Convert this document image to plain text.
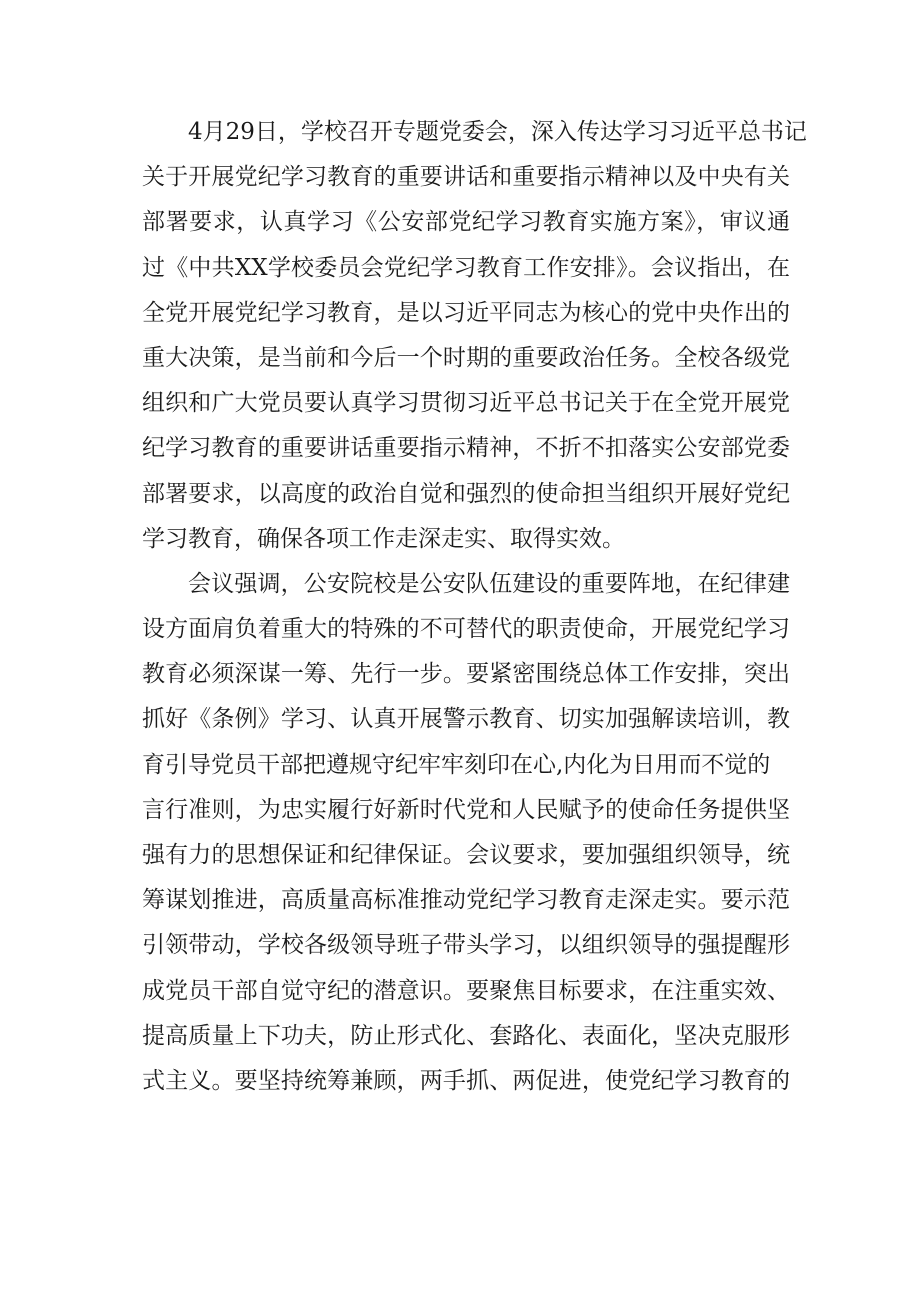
4月29日，学校召开专题党委会，深入传达学习习近平总书记
关于开展党纪学习教育的重要讲话和重要指示精神以及中央有关
部署要求，认真学习《公安部党纪学习教育实施方案》，审议通
过《中共XX学校委员会党纪学习教育工作安排》。会议指出，在
全党开展党纪学习教育，是以习近平同志为核心的党中央作出的
重大决策，是当前和今后一个时期的重要政治任务。全校各级党
组织和广大党员要认真学习贯彻习近平总书记关于在全党开展党
纪学习教育的重要讲话重要指示精神，不折不扣落实公安部党委
部署要求，以高度的政治自觉和强烈的使命担当组织开展好党纪
学习教育，确保各项工作走深走实、取得实效。
会议强调，公安院校是公安队伍建设的重要阵地，在纪律建
设方面肩负着重大的特殊的不可替代的职责使命，开展党纪学习
教育必须深谋一筹、先行一步。要紧密围绕总体工作安排，突出
抓好《条例》学习、认真开展警示教育、切实加强解读培训，教
育引导党员干部把遵规守纪牢牢刻印在心,内化为日用而不觉的
言行准则，为忠实履行好新时代党和人民赋予的使命任务提供坚
强有力的思想保证和纪律保证。会议要求，要加强组织领导，统
筹谋划推进，高质量高标准推动党纪学习教育走深走实。要示范
引领带动，学校各级领导班子带头学习，以组织领导的强提醒形
成党员干部自觉守纪的潜意识。要聚焦目标要求，在注重实效、
提高质量上下功夫，防止形式化、套路化、表面化，坚决克服形
式主义。要坚持统筹兼顾，两手抓、两促进，使党纪学习教育的
